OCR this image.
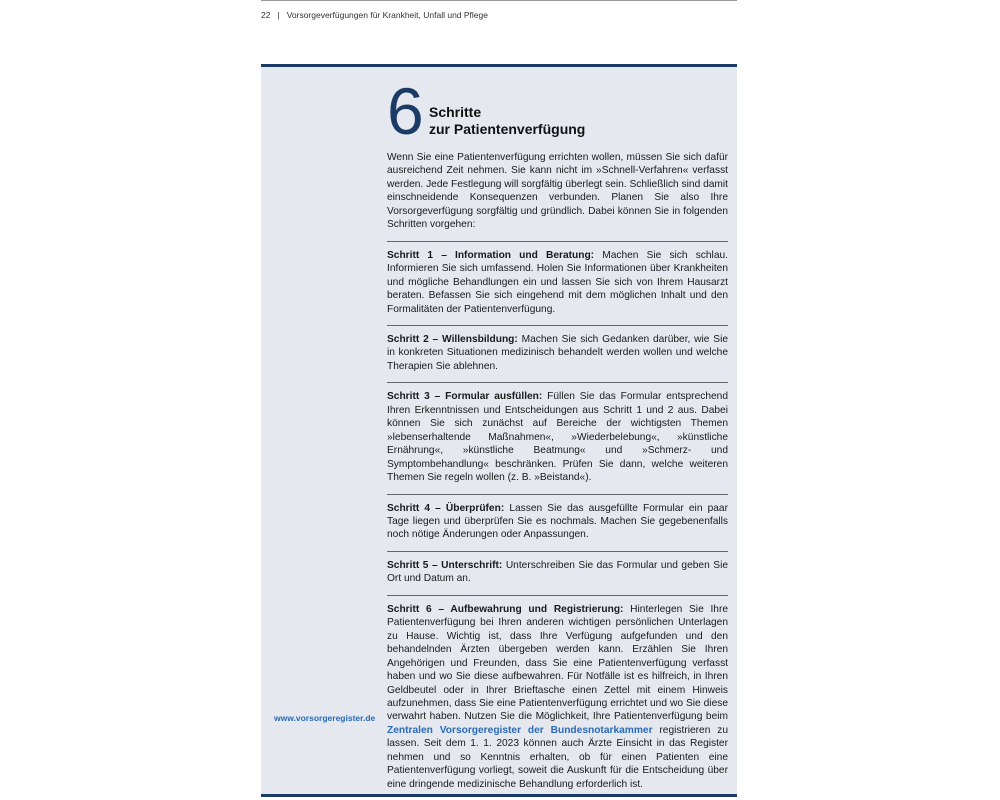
22 | Vorsorgeverfügungen für Krankheit, Unfall und Pflege
www.vorsorgeregister.de
6 Schritte
zur Patientenverfügung

Wenn Sie eine Patientenverfügung errichten wollen, müssen Sie sich dafür ausreichend Zeit nehmen. Sie kann nicht im »Schnell-Verfahren« verfasst werden. Jede Festlegung will sorgfältig überlegt sein. Schließlich sind damit einschneidende Konsequenzen verbunden. Planen Sie also Ihre Vorsorgeverfügung sorgfältig und gründlich. Dabei können Sie in folgenden Schritten vorgehen:

Schritt 1 – Information und Beratung: Machen Sie sich schlau. Informieren Sie sich umfassend. Holen Sie Informationen über Krankheiten und mögliche Behandlungen ein und lassen Sie sich von Ihrem Hausarzt beraten. Befassen Sie sich eingehend mit dem möglichen Inhalt und den Formalitäten der Patientenverfügung.

Schritt 2 – Willensbildung: Machen Sie sich Gedanken darüber, wie Sie in konkreten Situationen medizinisch behandelt werden wollen und welche Therapien Sie ablehnen.

Schritt 3 – Formular ausfüllen: Füllen Sie das Formular entsprechend Ihren Erkenntnissen und Entscheidungen aus Schritt 1 und 2 aus. Dabei können Sie sich zunächst auf Bereiche der wichtigsten Themen »lebenserhaltende Maßnahmen«, »Wiederbelebung«, »künstliche Ernährung«, »künstliche Beatmung« und »Schmerz- und Symptombehandlung« beschränken. Prüfen Sie dann, welche weiteren Themen Sie regeln wollen (z. B. »Beistand«).

Schritt 4 – Überprüfen: Lassen Sie das ausgefüllte Formular ein paar Tage liegen und überprüfen Sie es nochmals. Machen Sie gegebenenfalls noch nötige Änderungen oder Anpassungen.

Schritt 5 – Unterschrift: Unterschreiben Sie das Formular und geben Sie Ort und Datum an.

Schritt 6 – Aufbewahrung und Registrierung: Hinterlegen Sie Ihre Patientenverfügung bei Ihren anderen wichtigen persönlichen Unterlagen zu Hause. Wichtig ist, dass Ihre Verfügung aufgefunden und den behandelnden Ärzten übergeben werden kann. Erzählen Sie Ihren Angehörigen und Freunden, dass Sie eine Patientenverfügung verfasst haben und wo Sie diese aufbewahren. Für Notfälle ist es hilfreich, in Ihren Geldbeutel oder in Ihrer Brieftasche einen Zettel mit einem Hinweis aufzunehmen, dass Sie eine Patientenverfügung errichtet und wo Sie diese verwahrt haben. Nutzen Sie die Möglichkeit, Ihre Patientenverfügung beim Zentralen Vorsorgeregister der Bundesnotarkammer registrieren zu lassen. Seit dem 1. 1. 2023 können auch Ärzte Einsicht in das Register nehmen und so Kenntnis erhalten, ob für einen Patienten eine Patientenverfügung vorliegt, soweit die Auskunft für die Entscheidung über eine dringende medizinische Behandlung erforderlich ist.
